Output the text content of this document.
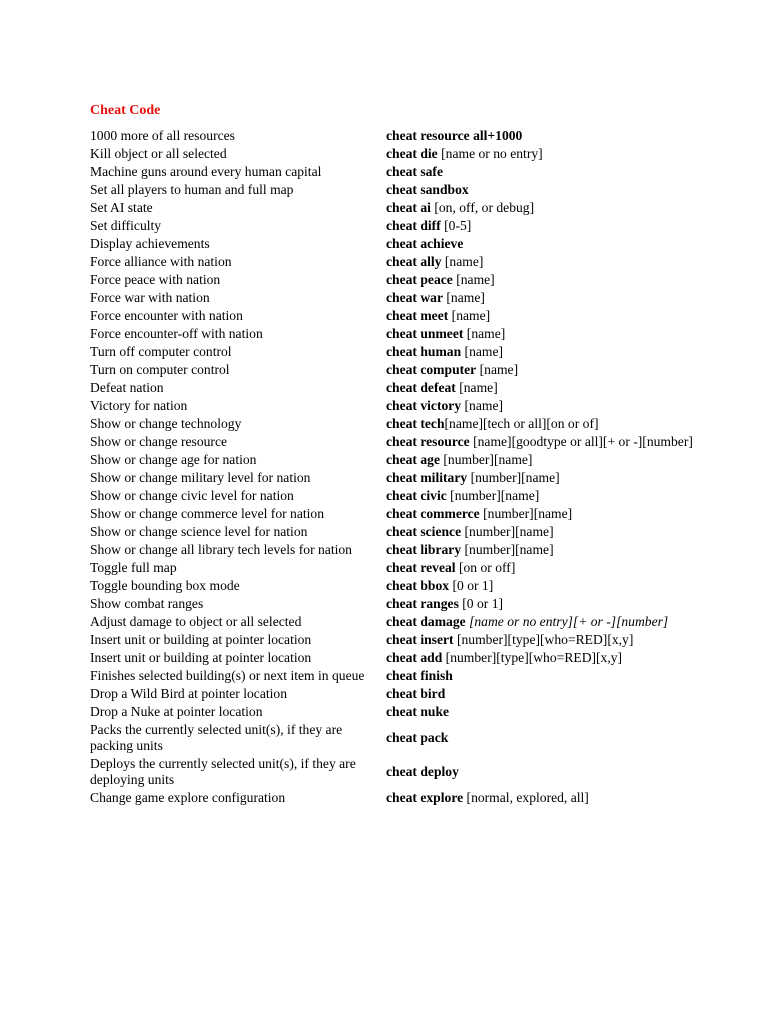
Cheat Code
1000 more of all resources	cheat resource all+1000
Kill object or all selected	cheat die [name or no entry]
Machine guns around every human capital	cheat safe
Set all players to human and full map	cheat sandbox
Set AI state	cheat ai [on, off, or debug]
Set difficulty	cheat diff [0-5]
Display achievements	cheat achieve
Force alliance with nation	cheat ally [name]
Force peace with nation	cheat peace [name]
Force war with nation	cheat war [name]
Force encounter with nation	cheat meet [name]
Force encounter-off with nation	cheat unmeet [name]
Turn off computer control	cheat human [name]
Turn on computer control	cheat computer [name]
Defeat nation	cheat defeat [name]
Victory for nation	cheat victory [name]
Show or change technology	cheat tech[name][tech or all][on or of]
Show or change resource	cheat resource [name][goodtype or all][+ or -][number]
Show or change age for nation	cheat age [number][name]
Show or change military level for nation	cheat military [number][name]
Show or change civic level for nation	cheat civic [number][name]
Show or change commerce level for nation	cheat commerce [number][name]
Show or change science level for nation	cheat science [number][name]
Show or change all library tech levels for nation	cheat library [number][name]
Toggle full map	cheat reveal [on or off]
Toggle bounding box mode	cheat bbox [0 or 1]
Show combat ranges	cheat ranges [0 or 1]
Adjust damage to object or all selected	cheat damage [name or no entry][+ or -][number]
Insert unit or building at pointer location	cheat insert [number][type][who=RED][x,y]
Insert unit or building at pointer location	cheat add [number][type][who=RED][x,y]
Finishes selected building(s) or next item in queue	cheat finish
Drop a Wild Bird at pointer location	cheat bird
Drop a Nuke at pointer location	cheat nuke
Packs the currently selected unit(s), if they are packing units	cheat pack
Deploys the currently selected unit(s), if they are deploying units	cheat deploy
Change game explore configuration	cheat explore [normal, explored, all]
